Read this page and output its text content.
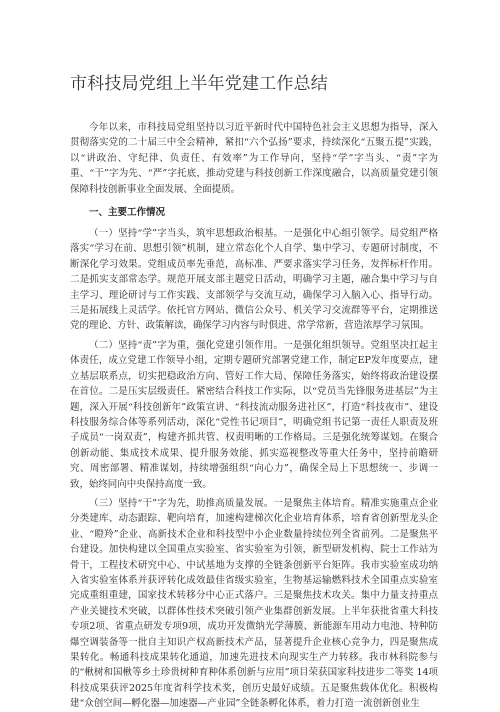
市科技局党组上半年党建工作总结

今年以来，市科技局党组坚持以习近平新时代中国特色社会主义思想为指导，深入贯彻落实党的二十届三中全会精神，紧扣“六个弘扬”要求，持续深化“五聚五提”实践，以“讲政治、守纪律、负责任、有效率”为工作导向，坚持“学”字当头、“责”字为重、“干”字为先、“严”字托底，推动党建与科技创新工作深度融合，以高质量党建引领保障科技创新事业全面发展、全面提质。

一、主要工作情况

（一）坚持“学”字当头，筑牢思想政治根基。一是强化中心组引领学。局党组严格落实“学习在前、思想引领”机制，建立常态化个人自学、集中学习、专题研讨制度，不断深化学习效果。党组成员率先垂范，高标准、严要求落实学习任务，发挥标杆作用。二是抓实支部常态学。规范开展支部主题党日活动，明确学习主题，融合集中学习与自主学习、理论研讨与工作实践、支部领学与交流互动，确保学习入脑入心、指导行动。三是拓展线上灵活学。依托官方网站、微信公众号、机关学习交流群等平台，定期推送党的理论、方针、政策解读，确保学习内容与时俱进、常学常新，营造浓厚学习氛围。

（二）坚持“责”字为重，强化党建引领作用。一是强化组织领导。党组坚决扛起主体责任，成立党建工作领导小组，定期专题研究部署党建工作，制定EP发年度要点，建立基层联系点，切实把稳政治方向、管好工作大局、保障任务落实，始终将政治建设摆在首位。二是压实层级责任。紧密结合科技工作实际，以“党员当先锋服务进基层”为主题，深入开展“科技创新年”政策宣讲、“科技流动服务进社区”，打造“科技夜市”、建设科技服务综合体等系列活动，深化“党性书记项目”，明确党组书记第一责任人职责及班子成员“一岗双责”，构建齐抓共管、权责明晰的工作格局。三是强化统筹谋划。在聚合创新动能、集成技术成果、提升服务效能、抓实巡视整改等重大任务中，坚持前瞻研究、周密部署、精准谋划，持续增强组织“向心力”，确保全局上下思想统一、步调一致，始终同向中央保持高度一致。

（三）坚持“干”字为先，助推高质量发展。一是聚焦主体培育。精准实施重点企业分类建库、动态跟踪、靶向培育，加速构建梯次化企业培育体系，培育省创新型龙头企业、“瞪羚”企业、高新技术企业和科技型中小企业数量持续位列全省前列。二是聚焦平台建设。加快构建以全国重点实验室、省实验室为引领，新型研发机构、院士工作站为骨干，工程技术研究中心、中试基地为支撑的全链条创新平台矩阵。我市实验室成功纳入省实验室体系并获评转化成效最佳省级实验室，生物基运输燃料技术全国重点实验室完成重组重建，国家技术转移分中心正式落户。三是聚焦技术攻关。集中力量支持重点产业关键技术突破，以群体性技术突破引领产业集群创新发展。上半年获批省重大科技专项2项、省重点研发专项9项，成功开发微纳光学薄膜、新能源车用动力电池、特种防爆空调装备等一批自主知识产权高新技术产品，显著提升企业核心竞争力，四是聚焦成果转化。畅通科技成果转化通道，加速先进技术向现实生产力转移。我市林科院参与的“楸树和国楸等乡土珍贵树种育种体系创新与应用”项目荣获国家科技进步二等奖 14项科技成果获评2025年度省科学技术奖，创历史最好成绩。五是聚焦载体优化。积极构建“众创空间—孵化器—加速器—产业园”全链条孵化体系，着力打造一流创新创业生
